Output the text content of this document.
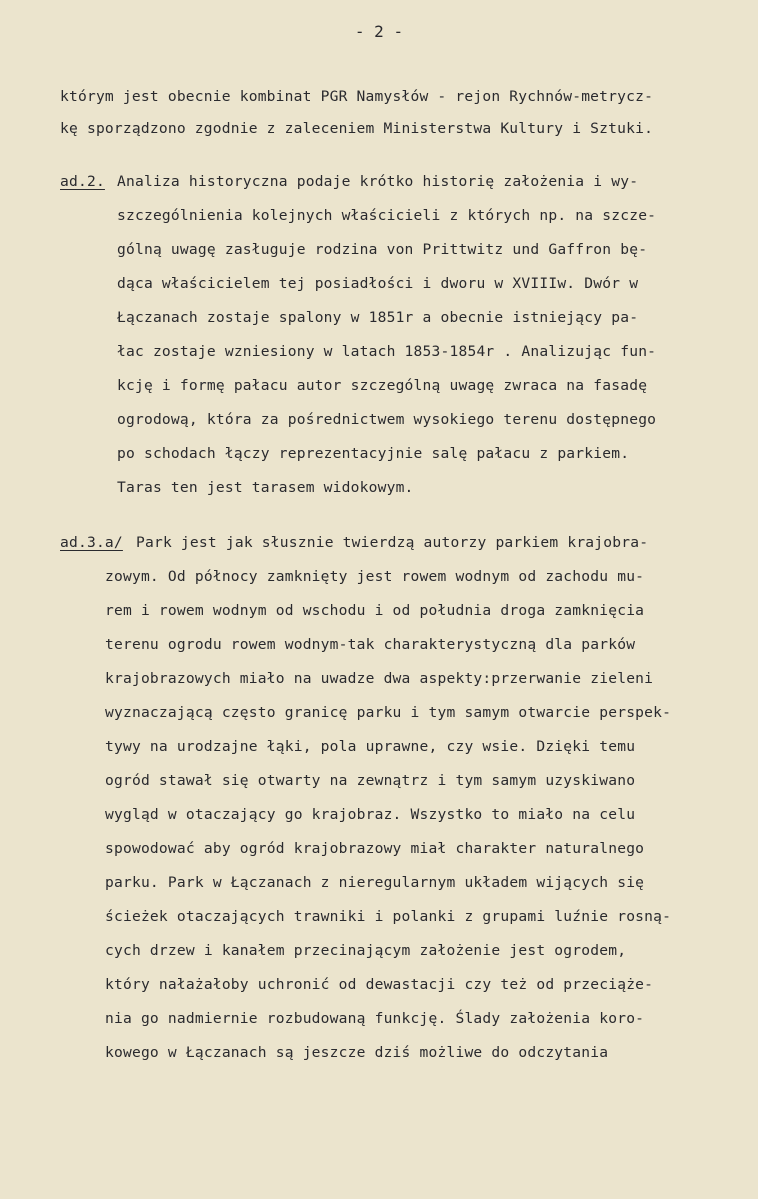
- 2 -
którym jest obecnie kombinat PGR Namysłów - rejon Rychnów-metrycz-
kę sporządzono zgodnie z zaleceniem Ministerstwa Kultury i Sztuki.
ad.2. Analiza historyczna podaje krótko historię założenia i wy-
szczególnienia kolejnych właścicieli z których np. na szcze-
gólną uwagę zasługuje rodzina von Prittwitz und Gaffron bę-
dąca właścicielem tej posiadłości i dworu w XVIIIw. Dwór w
Łączanach zostaje spalony w 1851r a obecnie istniejący pa-
łac zostaje wzniesiony w latach 1853-1854r . Analizując fun-
kcję i formę pałacu autor szczególną uwagę zwraca na fasadę
ogrodową, która za pośrednictwem wysokiego terenu dostępnego
po schodach łączy reprezentacyjnie salę pałacu z parkiem.
Taras ten jest tarasem widokowym.
ad.3.a/ Park jest jak słusznie twierdzą autorzy parkiem krajobra-
zowym. Od północy zamknięty jest rowem wodnym od zachodu mu-
rem i rowem wodnym od wschodu i od południa droga zamknięcia
terenu ogrodu rowem wodnym-tak charakterystyczną dla parków
krajobrazowych miało na uwadze dwa aspekty:przerwanie zieleni
wyznaczającą często granicę parku i tym samym otwarcie perspek-
tywy na urodzajne łąki, pola uprawne, czy wsie. Dzięki temu
ogród stawał się otwarty na zewnątrz i tym samym uzyskiwano
wygląd w otaczający go krajobraz. Wszystko to miało na celu
spowodować aby ogród krajobrazowy miał charakter naturalnego
parku. Park w Łączanach z nieregularnym układem wijących się
ścieżek otaczających trawniki i polanki z grupami luźnie rosną-
cych drzew i kanałem przecinającym założenie jest ogrodem,
który nałażałoby uchronić od dewastacji czy też od przeciąże-
nia go nadmiernie rozbudowaną funkcję. Ślady założenia koro-
kowego w Łączanach są jeszcze dziś możliwe do odczytania
